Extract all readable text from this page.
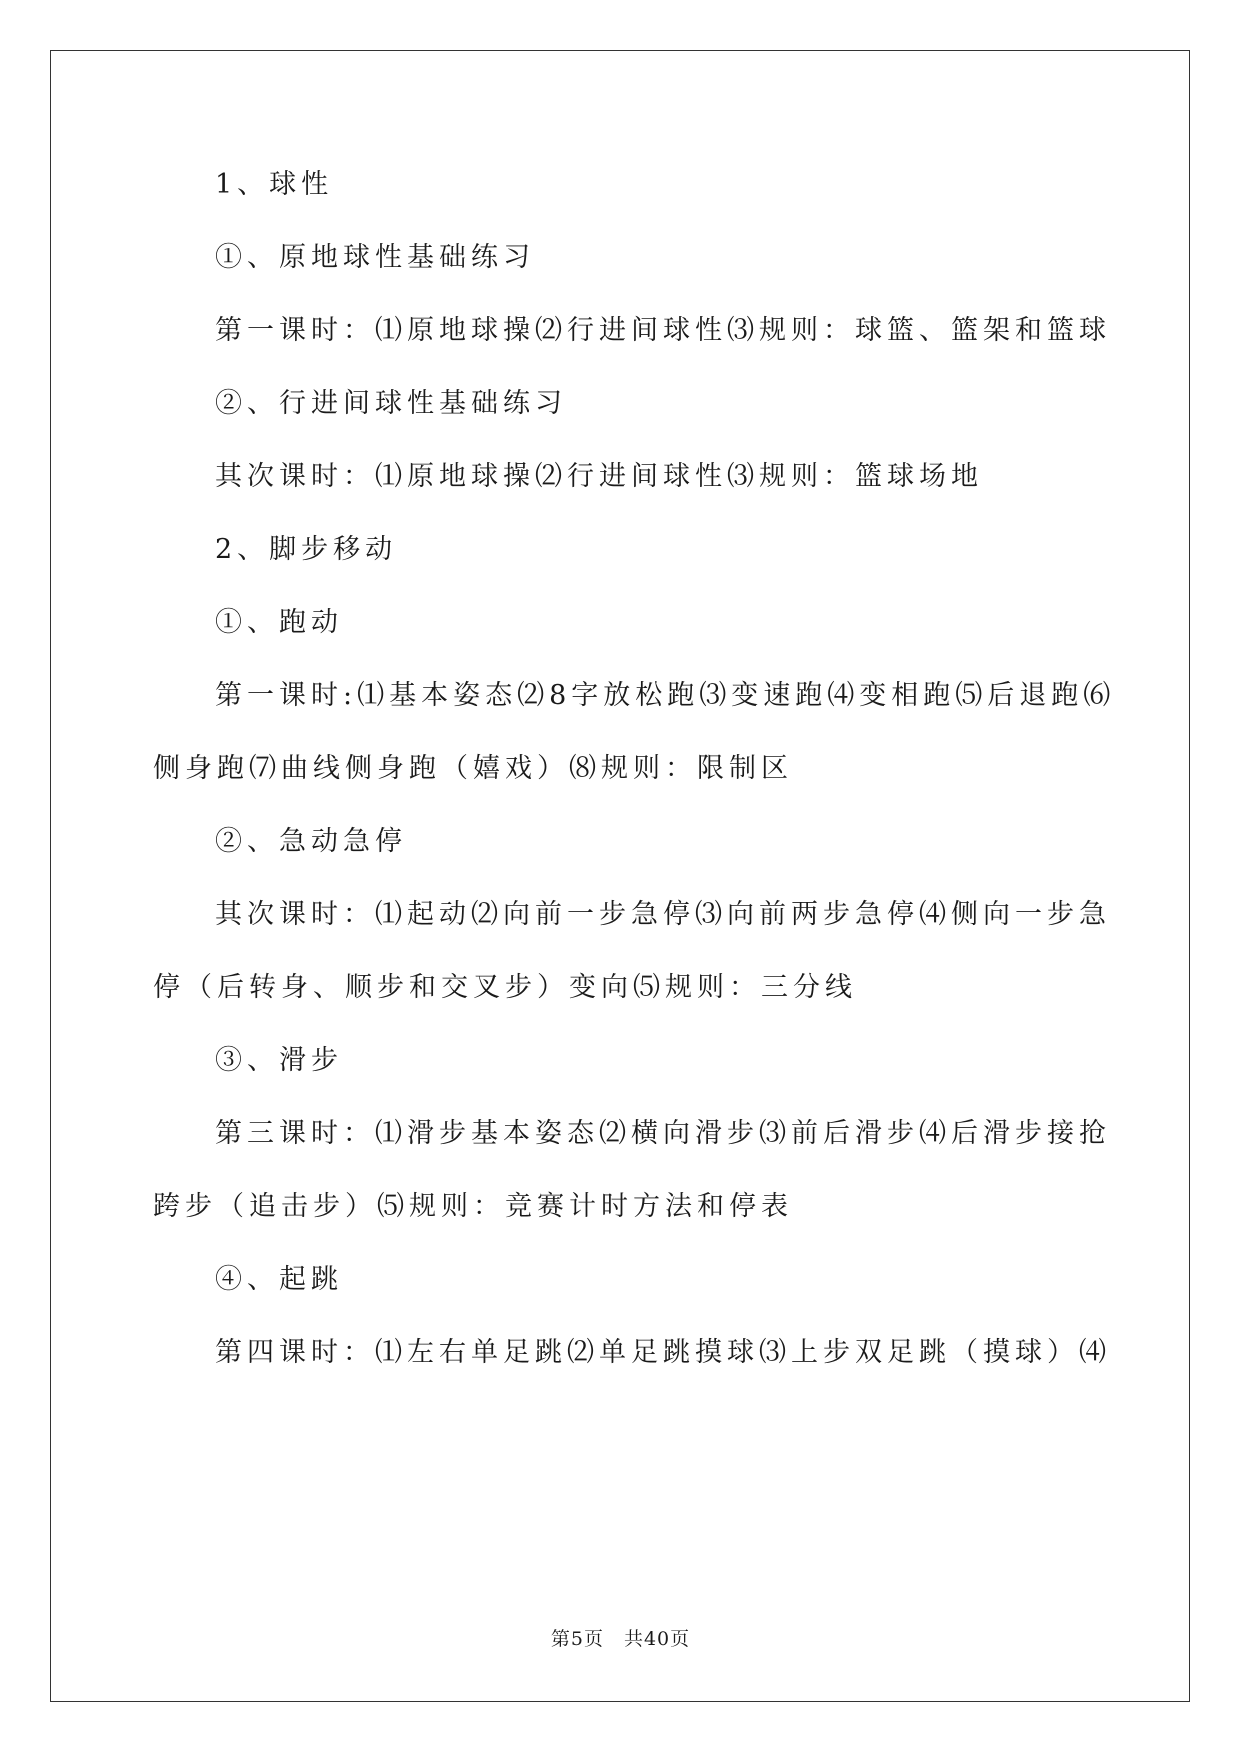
1、球性
①、原地球性基础练习
第一课时：⑴原地球操⑵行进间球性⑶规则：球篮、篮架和篮球
②、行进间球性基础练习
其次课时：⑴原地球操⑵行进间球性⑶规则：篮球场地
2、脚步移动
①、跑动
第一课时:⑴基本姿态⑵8字放松跑⑶变速跑⑷变相跑⑸后退跑⑹
侧身跑⑺曲线侧身跑（嬉戏）⑻规则：限制区
②、急动急停
其次课时：⑴起动⑵向前一步急停⑶向前两步急停⑷侧向一步急
停（后转身、顺步和交叉步）变向⑸规则：三分线
③、滑步
第三课时：⑴滑步基本姿态⑵横向滑步⑶前后滑步⑷后滑步接抢
跨步（追击步）⑸规则：竞赛计时方法和停表
④、起跳
第四课时：⑴左右单足跳⑵单足跳摸球⑶上步双足跳（摸球）⑷
第5页　共40页
